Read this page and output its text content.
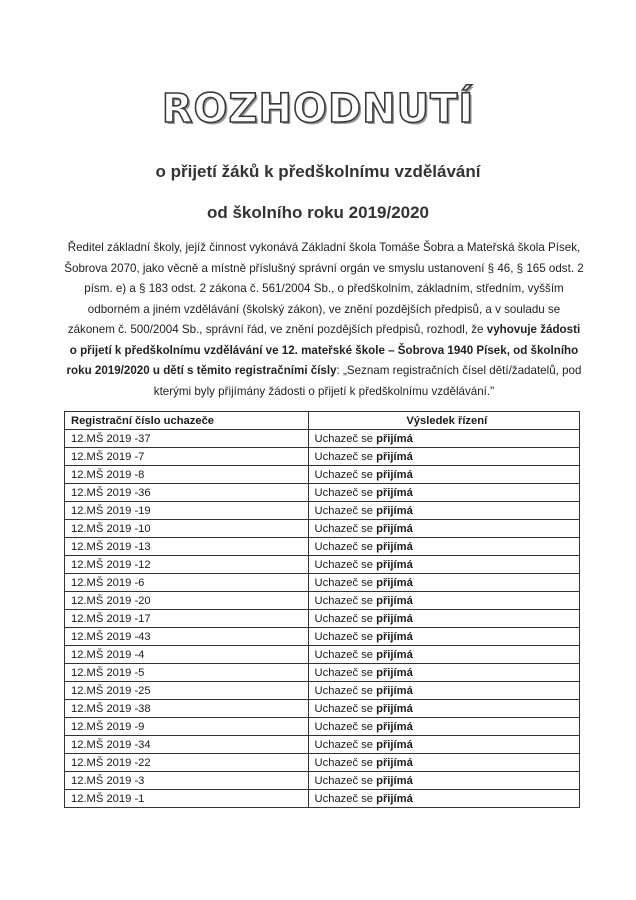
ROZHODNUTÍ
o přijetí žáků k předškolnímu vzdělávání
od školního roku 2019/2020
Ředitel základní školy, jejíž činnost vykonává Základní škola Tomáše Šobra a Mateřská škola Písek, Šobrova 2070, jako věcně a místně příslušný správní orgán ve smyslu ustanovení § 46, § 165 odst. 2 písm. e) a § 183 odst. 2 zákona č. 561/2004 Sb., o předškolním, základním, středním, vyšším odborném a jiném vzdělávání (školský zákon), ve znění pozdějších předpisů, a v souladu se zákonem č. 500/2004 Sb., správní řád, ve znění pozdějších předpisů, rozhodl, že vyhovuje žádosti o přijetí k předškolnímu vzdělávání ve 12. mateřské škole – Šobrova 1940 Písek, od školního roku 2019/2020 u dětí s těmito registračními čísly: „Seznam registračních čísel dětí/žadatelů, pod kterými byly přijímány žádosti o přijetí k předškolnímu vzdělávání."
Registrační číslo uchazeče	Výsledek řízení
12.MŠ 2019 -37	Uchazeč se přijímá
12.MŠ 2019 -7	Uchazeč se přijímá
12.MŠ 2019 -8	Uchazeč se přijímá
12.MŠ 2019 -36	Uchazeč se přijímá
12.MŠ 2019 -19	Uchazeč se přijímá
12.MŠ 2019 -10	Uchazeč se přijímá
12.MŠ 2019 -13	Uchazeč se přijímá
12.MŠ 2019 -12	Uchazeč se přijímá
12.MŠ 2019 -6	Uchazeč se přijímá
12.MŠ 2019 -20	Uchazeč se přijímá
12.MŠ 2019 -17	Uchazeč se přijímá
12.MŠ 2019 -43	Uchazeč se přijímá
12.MŠ 2019 -4	Uchazeč se přijímá
12.MŠ 2019 -5	Uchazeč se přijímá
12.MŠ 2019 -25	Uchazeč se přijímá
12.MŠ 2019 -38	Uchazeč se přijímá
12.MŠ 2019 -9	Uchazeč se přijímá
12.MŠ 2019 -34	Uchazeč se přijímá
12.MŠ 2019 -22	Uchazeč se přijímá
12.MŠ 2019 -3	Uchazeč se přijímá
12.MŠ 2019 -1	Uchazeč se přijímá
